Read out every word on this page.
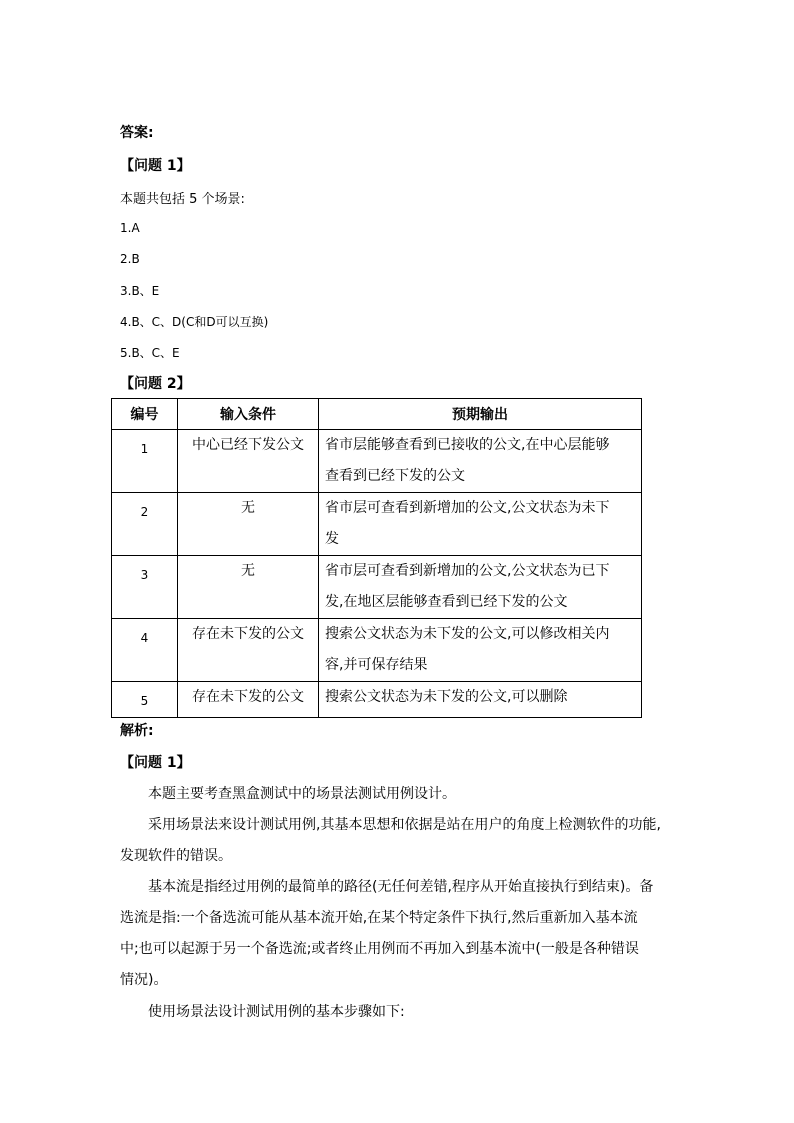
答案:
【问题 1】
本题共包括 5 个场景:
1.A
2.B
3.B、E
4.B、C、D(C和D可以互换)
5.B、C、E
【问题 2】
编号	输入条件	预期输出

1	中心已经下发公文	省市层能够查看到已接收的公文,在中心层能够
查看到已经下发的公文

2	无	省市层可查看到新增加的公文,公文状态为未下
发

3	无	省市层可查看到新增加的公文,公文状态为已下
发,在地区层能够查看到已经下发的公文

4	存在未下发的公文	搜索公文状态为未下发的公文,可以修改相关内
容,并可保存结果

5	存在未下发的公文	搜索公文状态为未下发的公文,可以删除
解析:
【问题 1】
本题主要考查黑盒测试中的场景法测试用例设计。
采用场景法来设计测试用例,其基本思想和依据是站在用户的角度上检测软件的功能,
发现软件的错误。
基本流是指经过用例的最简单的路径(无任何差错,程序从开始直接执行到结束)。备
选流是指:一个备选流可能从基本流开始,在某个特定条件下执行,然后重新加入基本流
中;也可以起源于另一个备选流;或者终止用例而不再加入到基本流中(一般是各种错误
情况)。
使用场景法设计测试用例的基本步骤如下:
